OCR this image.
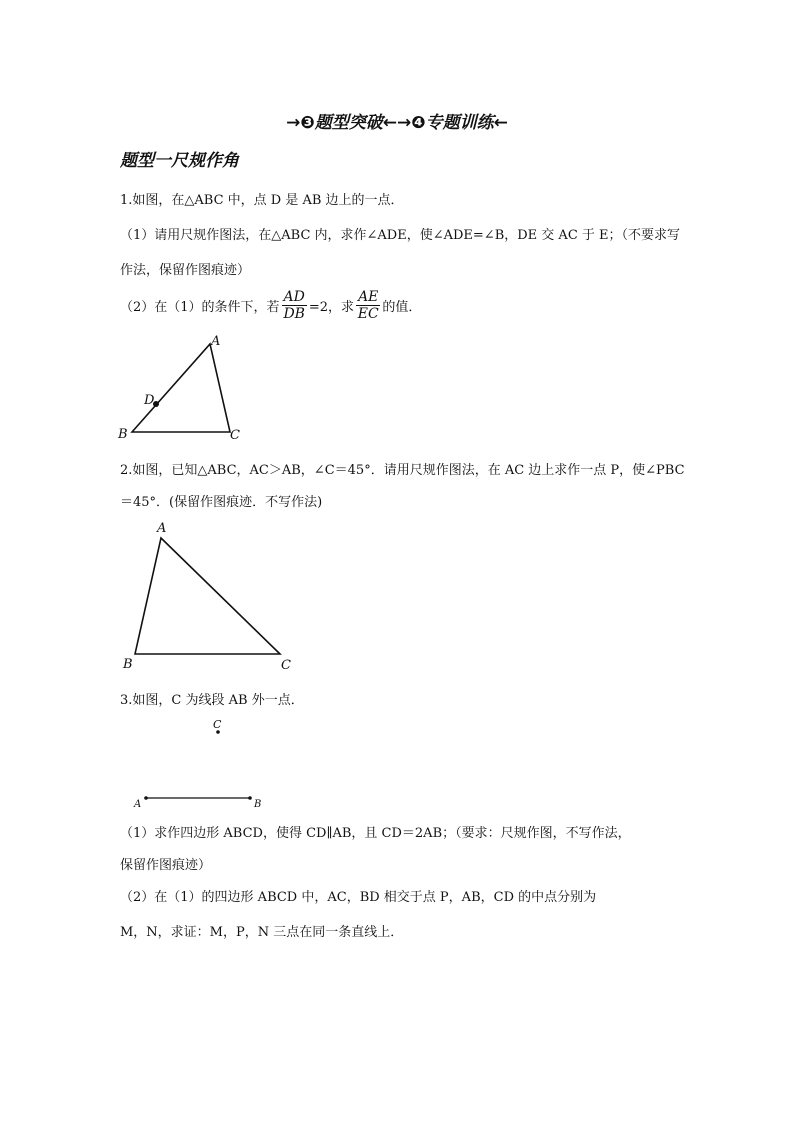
→❸题型突破←→❹专题训练←
题型一尺规作角
1.如图，在△ABC 中，点 D 是 AB 边上的一点．
（1）请用尺规作图法，在△ABC 内，求作∠ADE，使∠ADE=∠B，DE 交 AC 于 E；（不要求写
作法，保留作图痕迹）
（2）在（1）的条件下，若 $\frac{AD}{DB} =2$，求 $\frac{AE}{EC}$ 的值．
A
B	C
D
2.如图，已知△ABC，AC＞AB，∠C＝45°．请用尺规作图法，在 AC 边上求作一点 P，使∠PBC
＝45°．(保留作图痕迹．不写作法)
A
B	C
3.如图，C 为线段 AB 外一点．
C
A	B
（1）求作四边形 ABCD，使得 CD∥AB，且 CD＝2AB；（要求：尺规作图，不写作法，
保留作图痕迹）
（2）在（1）的四边形 ABCD 中，AC，BD 相交于点 P，AB，CD 的中点分别为
M，N，求证：M，P，N 三点在同一条直线上．
